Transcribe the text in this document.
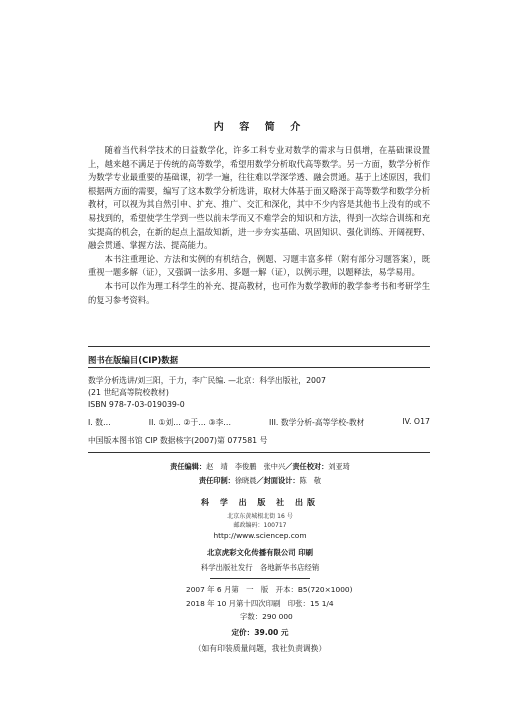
内 容 简 介

随着当代科学技术的日益数学化，许多工科专业对数学的需求与日俱增，在基础课设置上，越来越不满足于传统的高等数学，希望用数学分析取代高等数学。另一方面，数学分析作为数学专业最重要的基础课，初学一遍，往往难以学深学透、融会贯通。基于上述原因，我们根据两方面的需要，编写了这本数学分析选讲，取材大体基于面又略深于高等数学和数学分析教材，可以视为其自然引申、扩充、推广、交汇和深化，其中不少内容是其他书上没有的或不易找到的，希望使学生学到一些以前未学而又不难学会的知识和方法，得到一次综合训练和充实提高的机会，在新的起点上温故知新，进一步夯实基础、巩固知识、强化训练、开阔视野、融会贯通、掌握方法、提高能力。

本书注重理论、方法和实例的有机结合，例题、习题丰富多样（附有部分习题答案），既重视一题多解（证），又强调一法多用、多题一解（证），以例示理，以题释法，易学易用。

本书可以作为理工科学生的补充、提高教材，也可作为数学教师的教学参考书和考研学生的复习参考资料。

图书在版编目(CIP)数据
数学分析选讲/刘三阳，于力，李广民编. —北京：科学出版社，2007
(21 世纪高等院校教材)
ISBN 978-7-03-019039-0
I. 数…	II. ①刘… ②于… ③李…	III. 数学分析-高等学校-教材	IV. O17
中国版本图书馆 CIP 数据核字(2007)第 077581 号
责任编辑：赵　靖　李俊鹏　张中兴／责任校对：刘亚琦
责任印制：徐晓晨／封面设计：陈　敬
科 学 出 版 社 出版
北京东黄城根北街 16 号
邮政编码：100717
http://www.sciencep.com
北京虎彩文化传播有限公司 印刷
科学出版社发行　各地新华书店经销
2007 年 6 月第　一　版　开本：B5(720×1000)
2018 年 10 月第十四次印刷　印张：15 1/4
字数：290 000
定价：39.00 元
（如有印装质量问题，我社负责调换）
